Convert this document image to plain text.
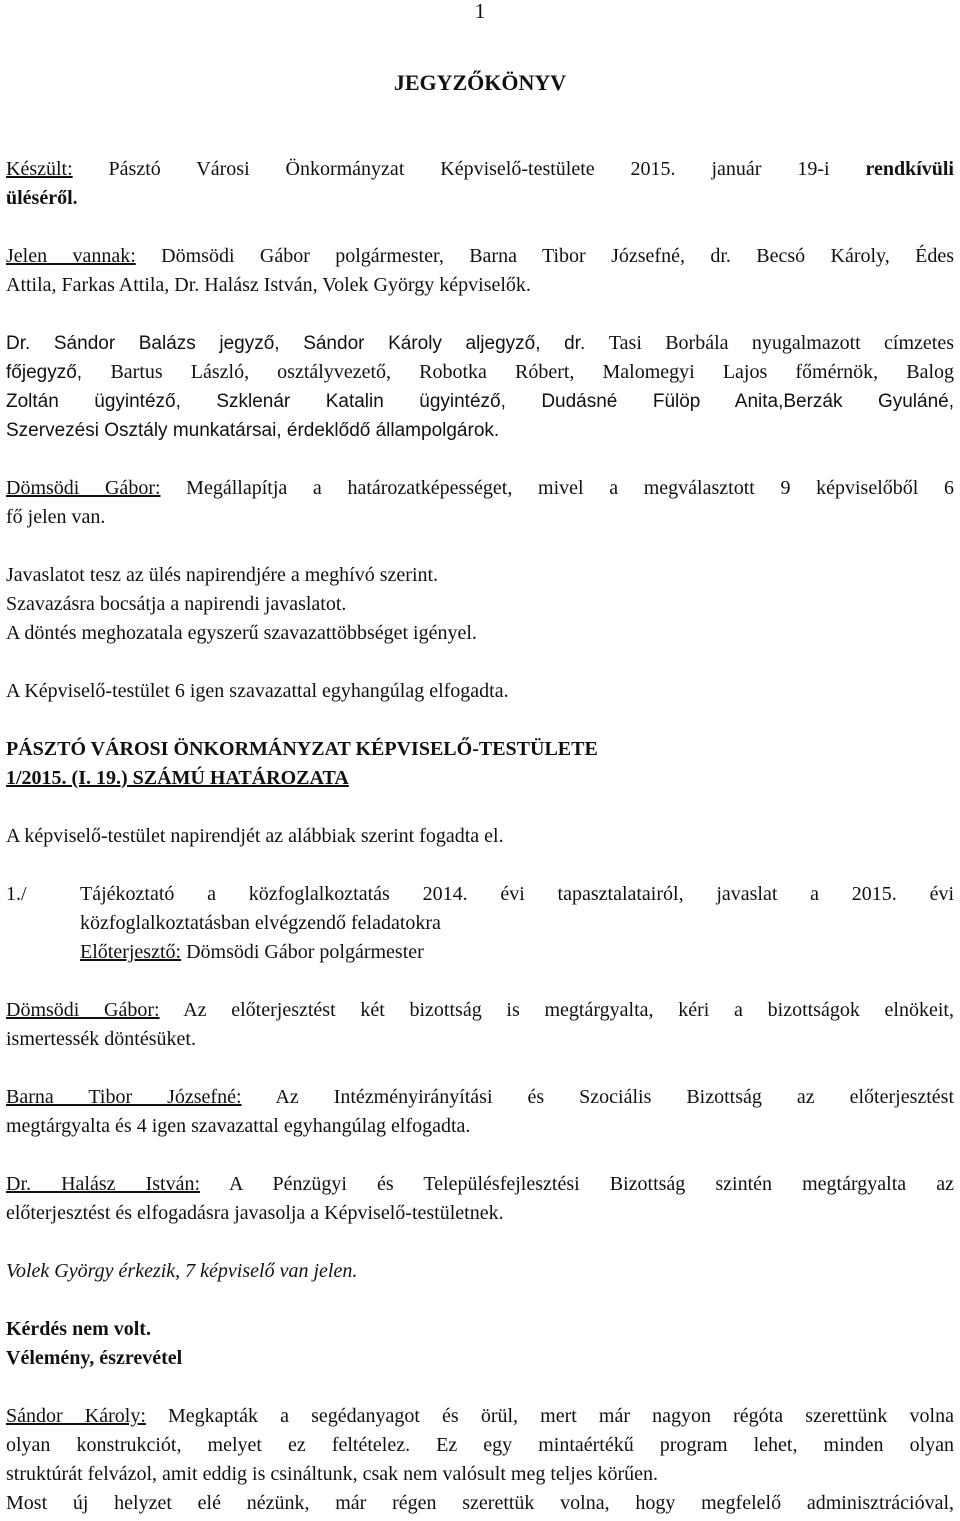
1
JEGYZŐKÖNYV
Készült: Pásztó Városi Önkormányzat Képviselő-testülete 2015. január 19-i rendkívüli
üléséről.
Jelen vannak: Dömsödi Gábor polgármester, Barna Tibor Józsefné, dr. Becsó Károly, Édes
Attila, Farkas Attila, Dr. Halász István, Volek György képviselők.
Dr. Sándor Balázs jegyző, Sándor Károly aljegyző, dr. Tasi Borbála nyugalmazott címzetes
főjegyző, Bartus László, osztályvezető, Robotka Róbert, Malomegyi Lajos főmérnök, Balog
Zoltán ügyintéző, Szklenár Katalin ügyintéző, Dudásné Fülöp Anita,Berzák Gyuláné,
Szervezési Osztály munkatársai, érdeklődő állampolgárok.
Dömsödi Gábor: Megállapítja a határozatképességet, mivel a megválasztott 9 képviselőből 6
fő jelen van.
Javaslatot tesz az ülés napirendjére a meghívó szerint.
Szavazásra bocsátja a napirendi javaslatot.
A döntés meghozatala egyszerű szavazattöbbséget igényel.
A Képviselő-testület 6 igen szavazattal egyhangúlag elfogadta.
PÁSZTÓ VÁROSI ÖNKORMÁNYZAT KÉPVISELŐ-TESTÜLETE
1/2015. (I. 19.) SZÁMÚ HATÁROZATA
A képviselő-testület napirendjét az alábbiak szerint fogadta el.
1./	Tájékoztató a közfoglalkoztatás 2014. évi tapasztalatairól, javaslat a 2015. évi
közfoglalkoztatásban elvégzendő feladatokra
Előterjesztő: Dömsödi Gábor polgármester
Dömsödi Gábor: Az előterjesztést két bizottság is megtárgyalta, kéri a bizottságok elnökeit,
ismertessék döntésüket.
Barna Tibor Józsefné: Az Intézményirányítási és Szociális Bizottság az előterjesztést
megtárgyalta és 4 igen szavazattal egyhangúlag elfogadta.
Dr. Halász István: A Pénzügyi és Településfejlesztési Bizottság szintén megtárgyalta az
előterjesztést és elfogadásra javasolja a Képviselő-testületnek.
Volek György érkezik, 7 képviselő van jelen.
Kérdés nem volt.
Vélemény, észrevétel
Sándor Károly: Megkapták a segédanyagot és örül, mert már nagyon régóta szerettünk volna
olyan konstrukciót, melyet ez feltételez. Ez egy mintaértékű program lehet, minden olyan
struktúrát felvázol, amit eddig is csináltunk, csak nem valósult meg teljes körűen.
Most új helyzet elé nézünk, már régen szerettük volna, hogy megfelelő adminisztrációval,
